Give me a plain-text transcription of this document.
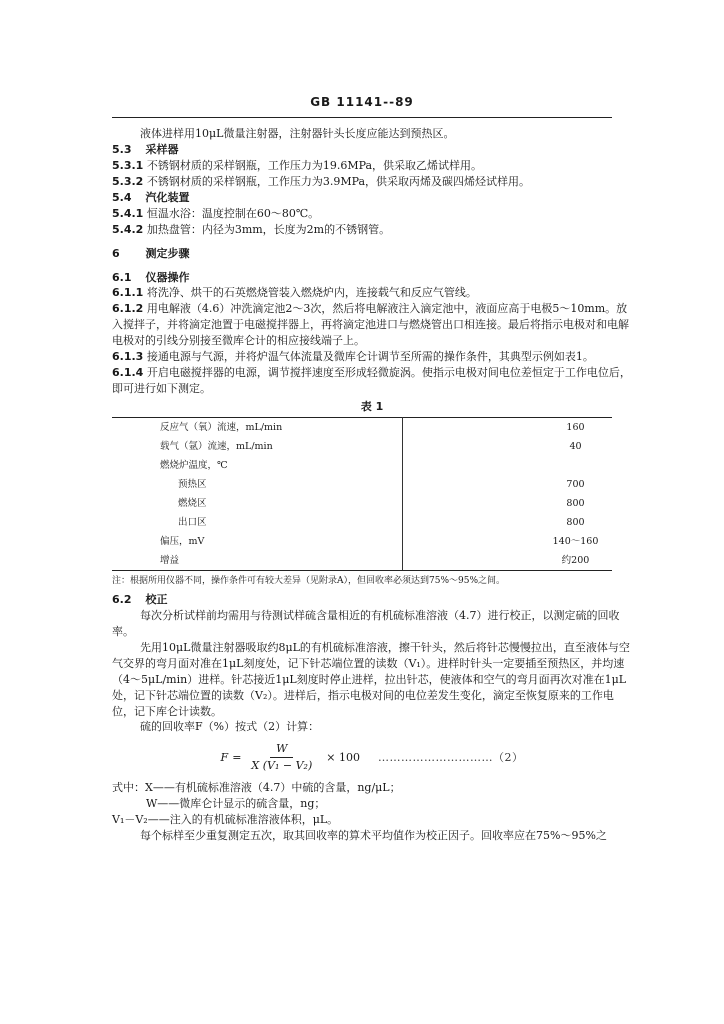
GB 11141--89

液体进样用10μL微量注射器，注射器针头长度应能达到预热区。

5.3 采样器

5.3.1 不锈钢材质的采样钢瓶，工作压力为19.6MPa，供采取乙烯试样用。

5.3.2 不锈钢材质的采样钢瓶，工作压力为3.9MPa，供采取丙烯及碳四烯烃试样用。

5.4 汽化装置

5.4.1 恒温水浴：温度控制在60～80℃。

5.4.2 加热盘管：内径为3mm，长度为2m的不锈钢管。

6 测定步骤

6.1 仪器操作

6.1.1 将洗净、烘干的石英燃烧管装入燃烧炉内，连接载气和反应气管线。

6.1.2 用电解液（4.6）冲洗滴定池2～3次，然后将电解液注入滴定池中，液面应高于电极5～10mm。放入搅拌子，并将滴定池置于电磁搅拌器上，再将滴定池进口与燃烧管出口相连接。最后将指示电极对和电解电极对的引线分别接至微库仑计的相应接线端子上。

6.1.3 接通电源与气源，并将炉温气体流量及微库仑计调节至所需的操作条件，其典型示例如表1。

6.1.4 开启电磁搅拌器的电源，调节搅拌速度至形成轻微旋涡。使指示电极对间电位差恒定于工作电位后，即可进行如下测定。

表 1
反应气（氧）流速，mL/min	160
载气（氩）流速，mL/min	40
燃烧炉温度，℃	
预热区	700
燃烧区	800
出口区	800
偏压，mV	140～160
增益	约200

注：根据所用仪器不同，操作条件可有较大差异（见附录A），但回收率必须达到75%～95%之间。

6.2 校正

每次分析试样前均需用与待测试样硫含量相近的有机硫标准溶液（4.7）进行校正，以测定硫的回收率。

先用10μL微量注射器吸取约8μL的有机硫标准溶液，擦干针头，然后将针芯慢慢拉出，直至液体与空气交界的弯月面对准在1μL刻度处，记下针芯端位置的读数（V₁）。进样时针头一定要插至预热区，并均速（4～5μL/min）进样。针芯接近1μL刻度时停止进样，拉出针芯，使液体和空气的弯月面再次对准在1μL处，记下针芯端位置的读数（V₂）。进样后，指示电极对间的电位差发生变化，滴定至恢复原来的工作电位，记下库仑计读数。

硫的回收率F（%）按式（2）计算：

$F = \frac{W}{\text{X (V₁ − V₂)}} \times 100$ …………………………（2）
式中：X——有机硫标准溶液（4.7）中硫的含量，ng/μL；
W——微库仑计显示的硫含量，ng；
V₁－V₂——注入的有机硫标准溶液体积，μL。

每个标样至少重复测定五次，取其回收率的算术平均值作为校正因子。回收率应在75%～95%之
